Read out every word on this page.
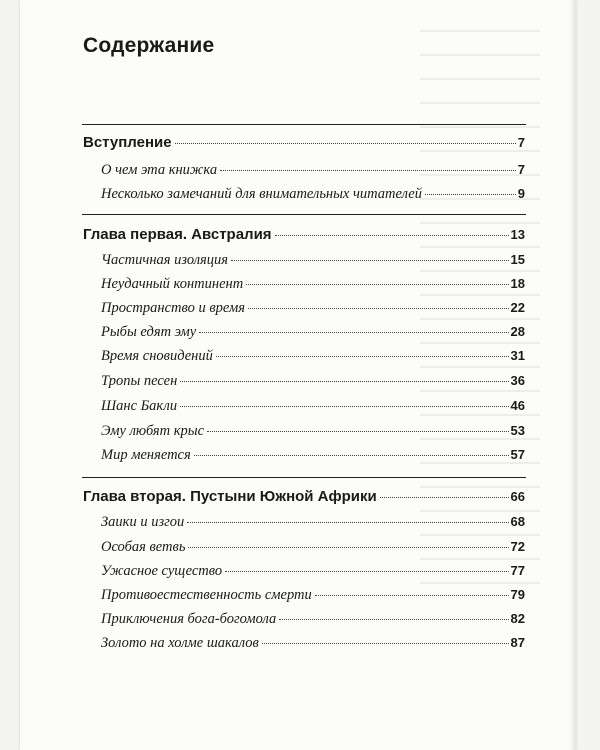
Содержание
Вступление	7
О чем эта книжка	7
Несколько замечаний для внимательных читателей	9
Глава первая. Австралия	13
Частичная изоляция	15
Неудачный континент	18
Пространство и время	22
Рыбы едят эму	28
Время сновидений	31
Тропы песен	36
Шанс Бакли	46
Эму любят крыс	53
Мир меняется	57
Глава вторая. Пустыни Южной Африки	66
Заики и изгои	68
Особая ветвь	72
Ужасное существо	77
Противоестественность смерти	79
Приключения бога-богомола	82
Золото на холме шакалов	87
